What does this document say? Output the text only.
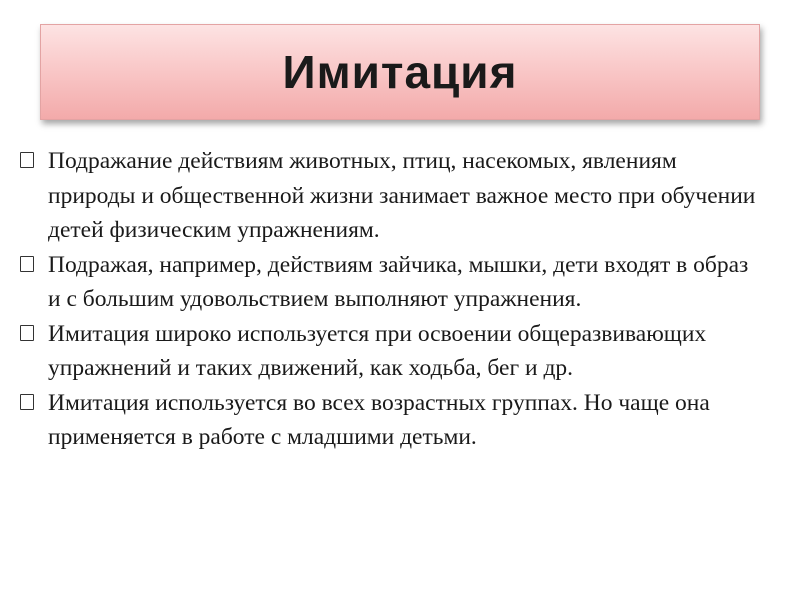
Имитация

Подражание действиям животных, птиц, насекомых, явлениям природы и общественной жизни занимает важное место при обучении детей физическим упражнениям.

Подражая, например, действиям зайчика, мышки, дети входят в образ и с большим удовольствием выполняют упражнения.

Имитация широко используется при освоении общеразвивающих упражнений и таких движений, как ходьба, бег и др.

Имитация используется во всех возрастных группах. Но чаще она применяется в работе с младшими детьми.
